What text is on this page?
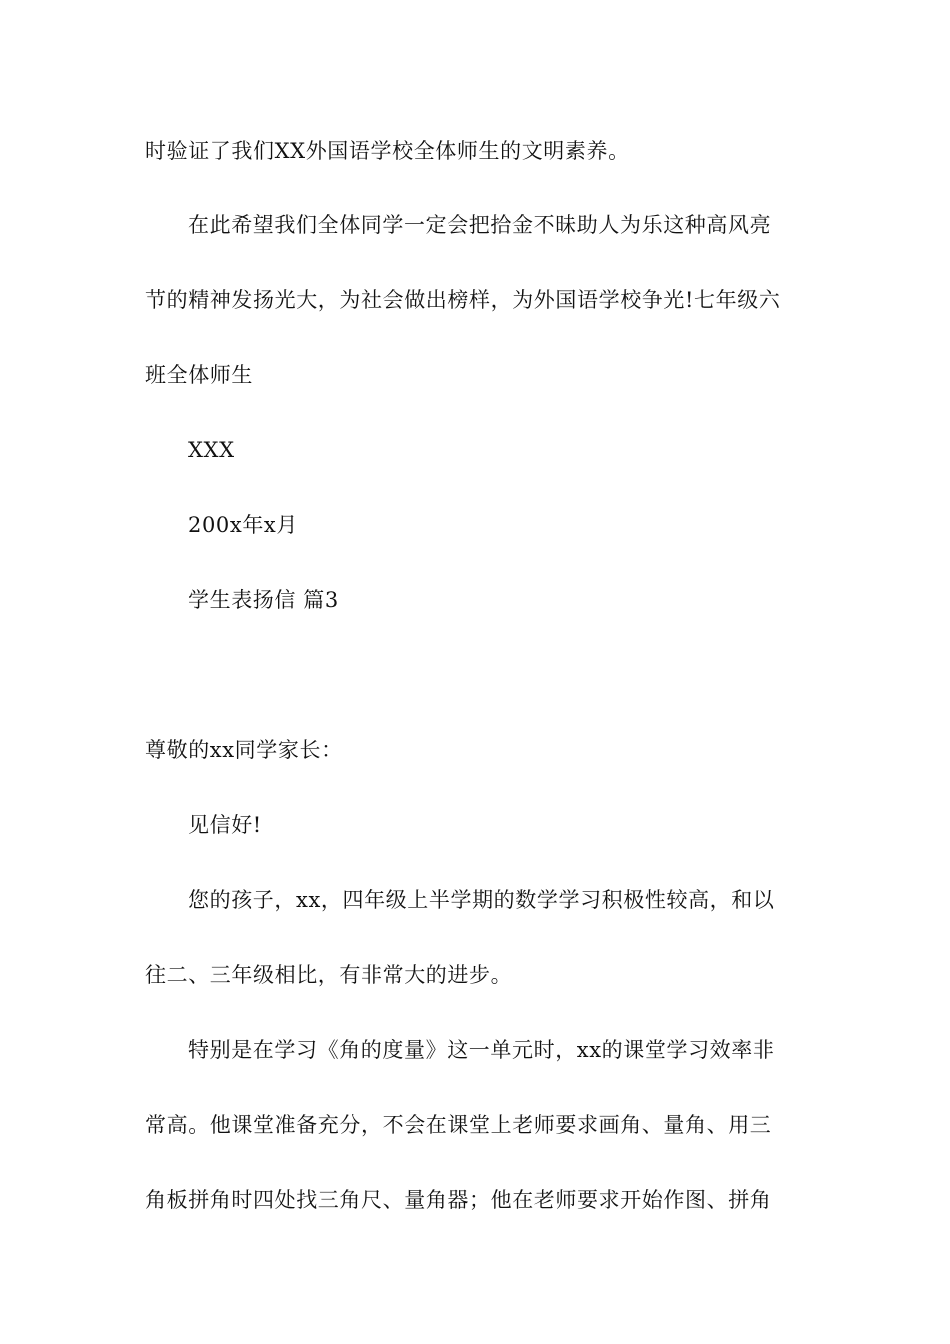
时验证了我们XX外国语学校全体师生的文明素养。
在此希望我们全体同学一定会把拾金不昧助人为乐这种高风亮
节的精神发扬光大，为社会做出榜样，为外国语学校争光!七年级六
班全体师生
XXX
200x年x月
学生表扬信 篇3
尊敬的xx同学家长：
见信好!
您的孩子，xx，四年级上半学期的数学学习积极性较高，和以
往二、三年级相比，有非常大的进步。
特别是在学习《角的度量》这一单元时，xx的课堂学习效率非
常高。他课堂准备充分，不会在课堂上老师要求画角、量角、用三
角板拼角时四处找三角尺、量角器；他在老师要求开始作图、拼角
